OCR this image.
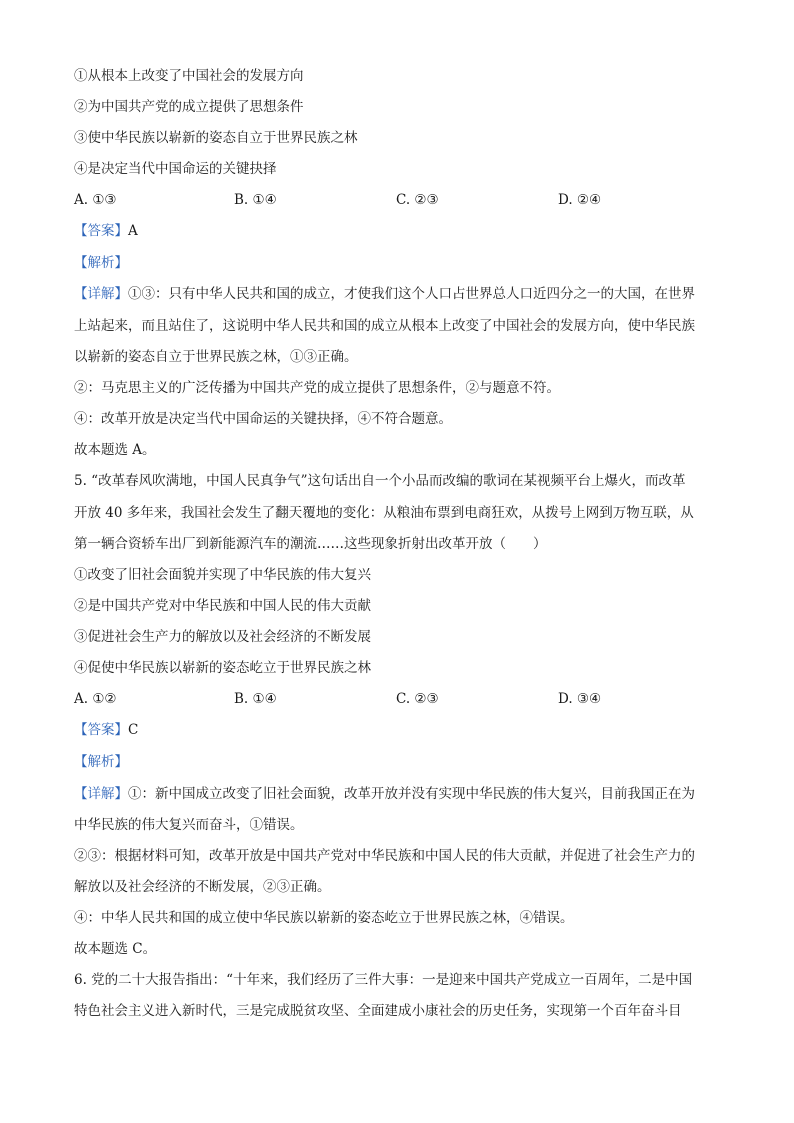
①从根本上改变了中国社会的发展方向
②为中国共产党的成立提供了思想条件
③使中华民族以崭新的姿态自立于世界民族之林
④是决定当代中国命运的关键抉择
A. ①③	B. ①④	C. ②③	D. ②④
【答案】A
【解析】
【详解】①③：只有中华人民共和国的成立，才使我们这个人口占世界总人口近四分之一的大国，在世界
上站起来，而且站住了，这说明中华人民共和国的成立从根本上改变了中国社会的发展方向，使中华民族
以崭新的姿态自立于世界民族之林，①③正确。
②：马克思主义的广泛传播为中国共产党的成立提供了思想条件，②与题意不符。
④：改革开放是决定当代中国命运的关键抉择，④不符合题意。
故本题选 A。
5. “改革春风吹满地，中国人民真争气”这句话出自一个小品而改编的歌词在某视频平台上爆火，而改革
开放 40 多年来，我国社会发生了翻天覆地的变化：从粮油布票到电商狂欢，从拨号上网到万物互联，从
第一辆合资轿车出厂到新能源汽车的潮流……这些现象折射出改革开放（　　）
①改变了旧社会面貌并实现了中华民族的伟大复兴
②是中国共产党对中华民族和中国人民的伟大贡献
③促进社会生产力的解放以及社会经济的不断发展
④促使中华民族以崭新的姿态屹立于世界民族之林
A. ①②	B. ①④	C. ②③	D. ③④
【答案】C
【解析】
【详解】①：新中国成立改变了旧社会面貌，改革开放并没有实现中华民族的伟大复兴，目前我国正在为
中华民族的伟大复兴而奋斗，①错误。
②③：根据材料可知，改革开放是中国共产党对中华民族和中国人民的伟大贡献，并促进了社会生产力的
解放以及社会经济的不断发展，②③正确。
④：中华人民共和国的成立使中华民族以崭新的姿态屹立于世界民族之林，④错误。
故本题选 C。
6. 党的二十大报告指出：“十年来，我们经历了三件大事：一是迎来中国共产党成立一百周年，二是中国
特色社会主义进入新时代，三是完成脱贫攻坚、全面建成小康社会的历史任务，实现第一个百年奋斗目
